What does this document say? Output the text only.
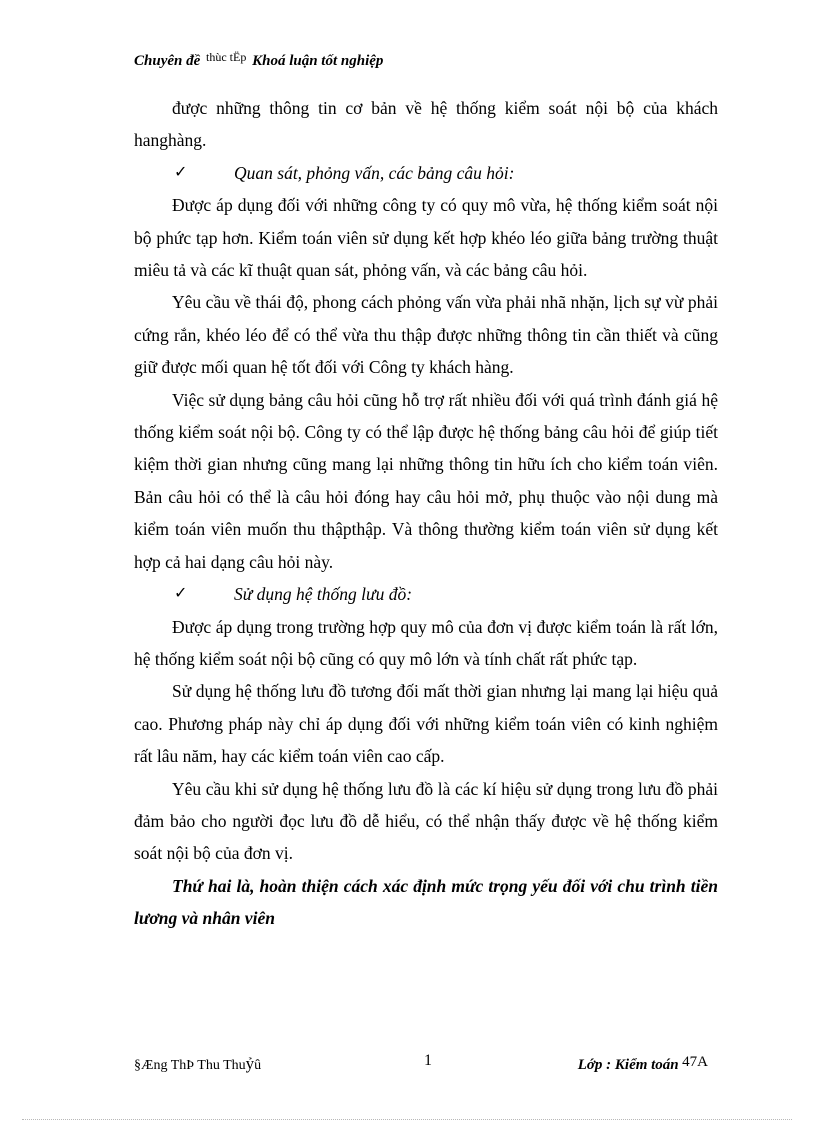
Chuyên đề $^{thùc tËp}$ Khoá luận tốt nghiệp

được những thông tin cơ bản về hệ thống kiểm soát nội bộ của khách hanghàng.

✓	Quan sát, phỏng vấn, các bảng câu hỏi:

Được áp dụng đối với những công ty có quy mô vừa, hệ thống kiểm soát nội bộ phức tạp hơn. Kiểm toán viên sử dụng kết hợp khéo léo giữa bảng trường thuật miêu tả và các kĩ thuật quan sát, phỏng vấn, và các bảng câu hỏi.

Yêu cầu về thái độ, phong cách phỏng vấn vừa phải nhã nhặn, lịch sự vừ phải cứng rắn, khéo léo để có thể vừa thu thập được những thông tin cần thiết và cũng giữ được mối quan hệ tốt đối với Công ty khách hàng.

Việc sử dụng bảng câu hỏi cũng hỗ trợ rất nhiều đối với quá trình đánh giá hệ thống kiểm soát nội bộ. Công ty có thể lập được hệ thống bảng câu hỏi để giúp tiết kiệm thời gian nhưng cũng mang lại những thông tin hữu ích cho kiểm toán viên. Bản câu hỏi có thể là câu hỏi đóng hay câu hỏi mở, phụ thuộc vào nội dung mà kiểm toán viên muốn thu thậpthập. Và thông thường kiểm toán viên sử dụng kết hợp cả hai dạng câu hỏi này.

✓	Sử dụng hệ thống lưu đồ:

Được áp dụng trong trường hợp quy mô của đơn vị được kiểm toán là rất lớn, hệ thống kiểm soát nội bộ cũng có quy mô lớn và tính chất rất phức tạp.

Sử dụng hệ thống lưu đồ tương đối mất thời gian nhưng lại mang lại hiệu quả cao. Phương pháp này chỉ áp dụng đối với những kiểm toán viên có kinh nghiệm rất lâu năm, hay các kiểm toán viên cao cấp.

Yêu cầu khi sử dụng hệ thống lưu đồ là các kí hiệu sử dụng trong lưu đồ phải đảm bảo cho người đọc lưu đồ dễ hiểu, có thể nhận thấy được về hệ thống kiểm soát nội bộ của đơn vị.

Thứ hai là, hoàn thiện cách xác định mức trọng yếu đối với chu trình tiền lương và nhân viên

§Æng ThÞ Thu Thuỷû	1	Lớp : Kiểm toán 47A
